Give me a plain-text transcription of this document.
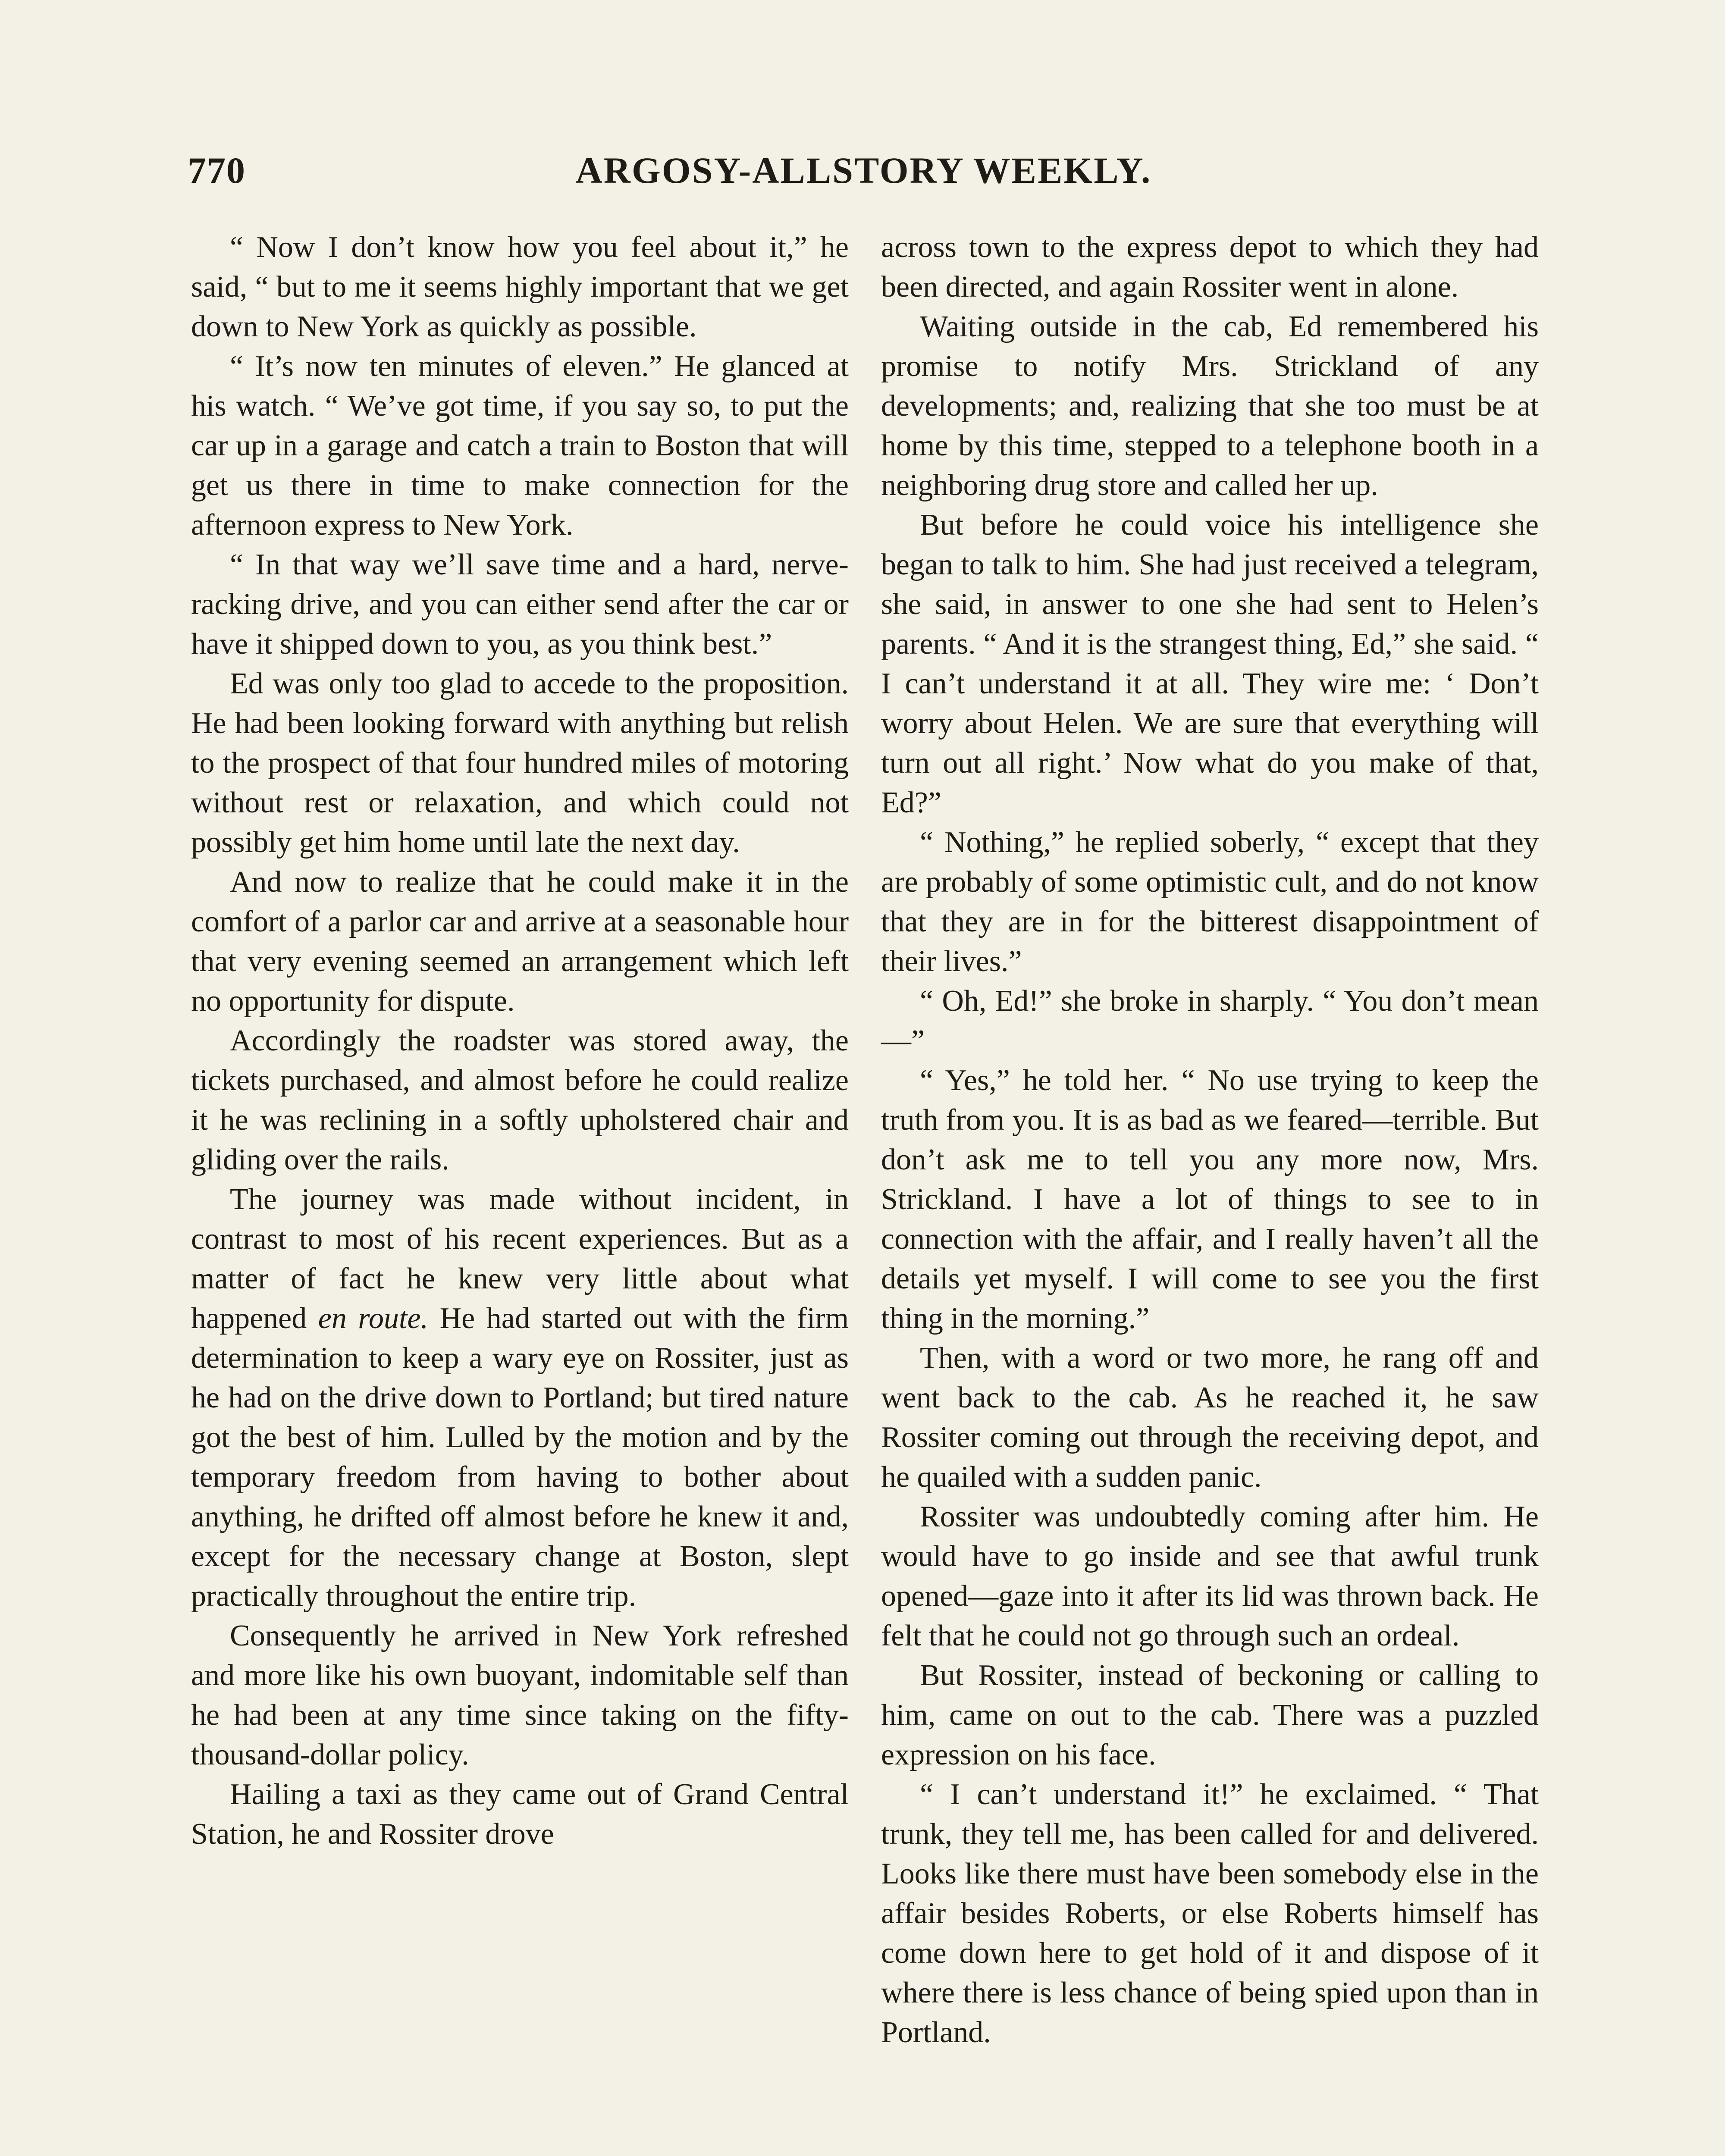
770	ARGOSY-ALLSTORY WEEKLY.

“ Now I don’t know how you feel about it,” he said, “ but to me it seems highly important that we get down to New York as quickly as possible.

“ It’s now ten minutes of eleven.” He glanced at his watch. “ We’ve got time, if you say so, to put the car up in a garage and catch a train to Boston that will get us there in time to make connection for the afternoon express to New York.

“ In that way we’ll save time and a hard, nerve-racking drive, and you can either send after the car or have it shipped down to you, as you think best.”

Ed was only too glad to accede to the proposition. He had been looking forward with anything but relish to the prospect of that four hundred miles of motoring without rest or relaxation, and which could not possibly get him home until late the next day.

And now to realize that he could make it in the comfort of a parlor car and arrive at a seasonable hour that very evening seemed an arrangement which left no opportunity for dispute.

Accordingly the roadster was stored away, the tickets purchased, and almost before he could realize it he was reclining in a softly upholstered chair and gliding over the rails.

The journey was made without incident, in contrast to most of his recent experiences. But as a matter of fact he knew very little about what happened en route. He had started out with the firm determination to keep a wary eye on Rossiter, just as he had on the drive down to Portland; but tired nature got the best of him. Lulled by the motion and by the temporary freedom from having to bother about anything, he drifted off almost before he knew it and, except for the necessary change at Boston, slept practically throughout the entire trip.

Consequently he arrived in New York refreshed and more like his own buoyant, indomitable self than he had been at any time since taking on the fifty-thousand-dollar policy.

Hailing a taxi as they came out of Grand Central Station, he and Rossiter drove

across town to the express depot to which they had been directed, and again Rossiter went in alone.

Waiting outside in the cab, Ed remembered his promise to notify Mrs. Strickland of any developments; and, realizing that she too must be at home by this time, stepped to a telephone booth in a neighboring drug store and called her up.

But before he could voice his intelligence she began to talk to him. She had just received a telegram, she said, in answer to one she had sent to Helen’s parents. “ And it is the strangest thing, Ed,” she said. “ I can’t understand it at all. They wire me: ‘ Don’t worry about Helen. We are sure that everything will turn out all right.’ Now what do you make of that, Ed?”

“ Nothing,” he replied soberly, “ except that they are probably of some optimistic cult, and do not know that they are in for the bitterest disappointment of their lives.”

“ Oh, Ed!” she broke in sharply. “ You don’t mean—”

“ Yes,” he told her. “ No use trying to keep the truth from you. It is as bad as we feared—terrible. But don’t ask me to tell you any more now, Mrs. Strickland. I have a lot of things to see to in connection with the affair, and I really haven’t all the details yet myself. I will come to see you the first thing in the morning.”

Then, with a word or two more, he rang off and went back to the cab. As he reached it, he saw Rossiter coming out through the receiving depot, and he quailed with a sudden panic.

Rossiter was undoubtedly coming after him. He would have to go inside and see that awful trunk opened—gaze into it after its lid was thrown back. He felt that he could not go through such an ordeal.

But Rossiter, instead of beckoning or calling to him, came on out to the cab. There was a puzzled expression on his face.

“ I can’t understand it!” he exclaimed. “ That trunk, they tell me, has been called for and delivered. Looks like there must have been somebody else in the affair besides Roberts, or else Roberts himself has come down here to get hold of it and dispose of it where there is less chance of being spied upon than in Portland.
